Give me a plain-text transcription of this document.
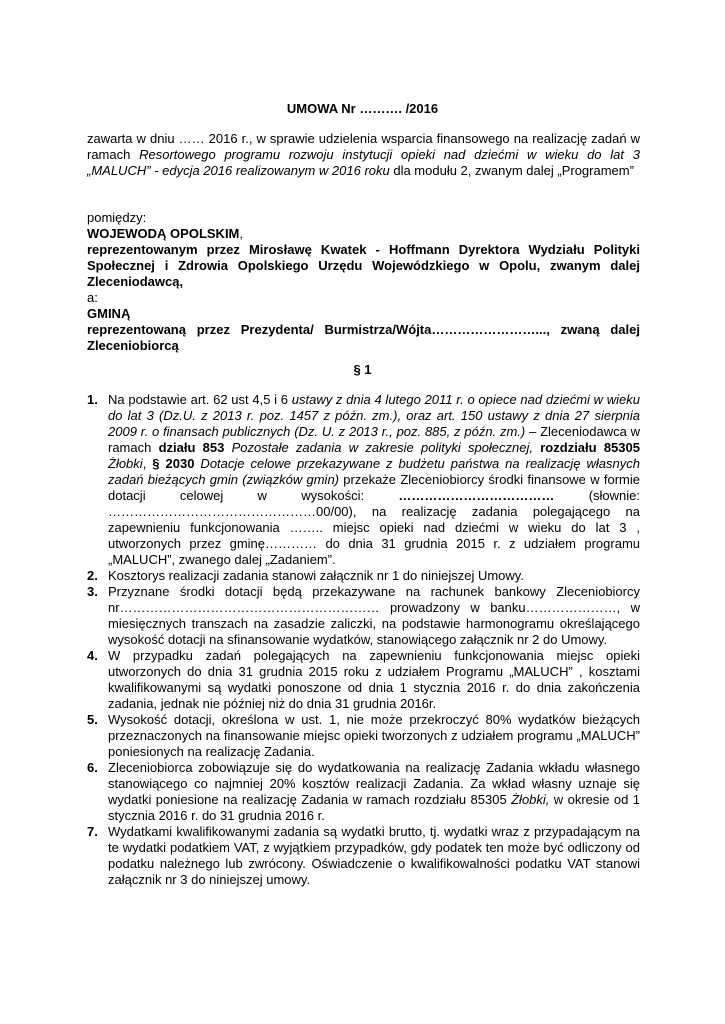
UMOWA Nr ………. /2016
zawarta w dniu …… 2016 r., w sprawie udzielenia wsparcia finansowego na realizację zadań w ramach Resortowego programu rozwoju instytucji opieki nad dziećmi w wieku do lat 3 „MALUCH” - edycja 2016 realizowanym w 2016 roku dla modułu 2, zwanym dalej „Programem”
pomiędzy:
WOJEWODĄ OPOLSKIM,
reprezentowanym przez Mirosławę Kwatek - Hoffmann Dyrektora Wydziału Polityki Społecznej i Zdrowia Opolskiego Urzędu Wojewódzkiego w Opolu, zwanym dalej Zleceniodawcą,
a:
GMINĄ
reprezentowaną przez Prezydenta/ Burmistrza/Wójta……………………..., zwaną dalej Zleceniobiorcą
§ 1
1. Na podstawie art. 62 ust 4,5 i 6 ustawy z dnia 4 lutego 2011 r. o opiece nad dziećmi w wieku do lat 3 (Dz.U. z 2013 r. poz. 1457 z późn. zm.), oraz art. 150 ustawy z dnia 27 sierpnia 2009 r. o finansach publicznych (Dz. U. z 2013 r., poz. 885, z późn. zm.) – Zleceniodawca w ramach działu 853 Pozostałe zadania w zakresie polityki społecznej, rozdziału 85305 Żłobki, § 2030 Dotacje celowe przekazywane z budżetu państwa na realizację własnych zadań bieżących gmin (związków gmin) przekaże Zleceniobiorcy środki finansowe w formie dotacji celowej w wysokości: ……………………………… (słownie: …………………………………………00/00), na realizację zadania polegającego na zapewnieniu funkcjonowania …….. miejsc opieki nad dziećmi w wieku do lat 3 , utworzonych przez gminę………… do dnia 31 grudnia 2015 r. z udziałem programu „MALUCH”, zwanego dalej „Zadaniem”.
2. Kosztorys realizacji zadania stanowi załącznik nr 1 do niniejszej Umowy.
3. Przyznane środki dotacji będą przekazywane na rachunek bankowy Zleceniobiorcy nr…………………………………………………… prowadzony w banku…………………, w miesięcznych transzach na zasadzie zaliczki, na podstawie harmonogramu określającego wysokość dotacji na sfinansowanie wydatków, stanowiącego załącznik nr 2 do Umowy.
4. W przypadku zadań polegających na zapewnieniu funkcjonowania miejsc opieki utworzonych do dnia 31 grudnia 2015 roku z udziałem Programu „MALUCH” , kosztami kwalifikowanymi są wydatki ponoszone od dnia 1 stycznia 2016 r. do dnia zakończenia zadania, jednak nie później niż do dnia 31 grudnia 2016r.
5. Wysokość dotacji, określona w ust. 1, nie może przekroczyć 80% wydatków bieżących przeznaczonych na finansowanie miejsc opieki tworzonych z udziałem programu „MALUCH” poniesionych na realizację Zadania.
6. Zleceniobiorca zobowiązuje się do wydatkowania na realizację Zadania wkładu własnego stanowiącego co najmniej 20% kosztów realizacji Zadania. Za wkład własny uznaje się wydatki poniesione na realizację Zadania w ramach rozdziału 85305 Żłobki, w okresie od 1 stycznia 2016 r. do 31 grudnia 2016 r.
7. Wydatkami kwalifikowanymi zadania są wydatki brutto, tj. wydatki wraz z przypadającym na te wydatki podatkiem VAT, z wyjątkiem przypadków, gdy podatek ten może być odliczony od podatku należnego lub zwrócony. Oświadczenie o kwalifikowalności podatku VAT stanowi załącznik nr 3 do niniejszej umowy.
